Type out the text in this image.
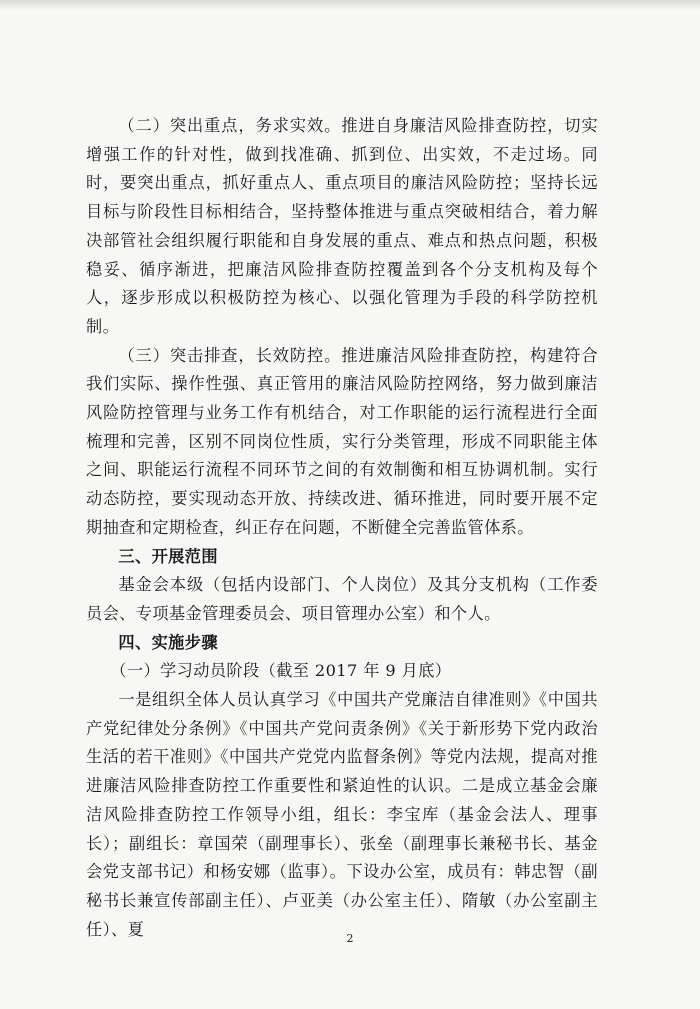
（二）突出重点，务求实效。推进自身廉洁风险排查防控，切实增强工作的针对性，做到找准确、抓到位、出实效，不走过场。同时，要突出重点，抓好重点人、重点项目的廉洁风险防控；坚持长远目标与阶段性目标相结合，坚持整体推进与重点突破相结合，着力解决部管社会组织履行职能和自身发展的重点、难点和热点问题，积极稳妥、循序渐进，把廉洁风险排查防控覆盖到各个分支机构及每个人，逐步形成以积极防控为核心、以强化管理为手段的科学防控机制。

（三）突击排查，长效防控。推进廉洁风险排查防控，构建符合我们实际、操作性强、真正管用的廉洁风险防控网络，努力做到廉洁风险防控管理与业务工作有机结合，对工作职能的运行流程进行全面梳理和完善，区别不同岗位性质，实行分类管理，形成不同职能主体之间、职能运行流程不同环节之间的有效制衡和相互协调机制。实行动态防控，要实现动态开放、持续改进、循环推进，同时要开展不定期抽查和定期检查，纠正存在问题，不断健全完善监管体系。

三、开展范围

基金会本级（包括内设部门、个人岗位）及其分支机构（工作委员会、专项基金管理委员会、项目管理办公室）和个人。

四、实施步骤

（一）学习动员阶段（截至 2017 年 9 月底）

一是组织全体人员认真学习《中国共产党廉洁自律准则》《中国共产党纪律处分条例》《中国共产党问责条例》《关于新形势下党内政治生活的若干准则》《中国共产党党内监督条例》等党内法规，提高对推进廉洁风险排查防控工作重要性和紧迫性的认识。二是成立基金会廉洁风险排查防控工作领导小组，组长：李宝库（基金会法人、理事长）；副组长：章国荣（副理事长）、张垒（副理事长兼秘书长、基金会党支部书记）和杨安娜（监事）。下设办公室，成员有：韩忠智（副秘书长兼宣传部副主任）、卢亚美（办公室主任）、隋敏（办公室副主任）、夏	2
